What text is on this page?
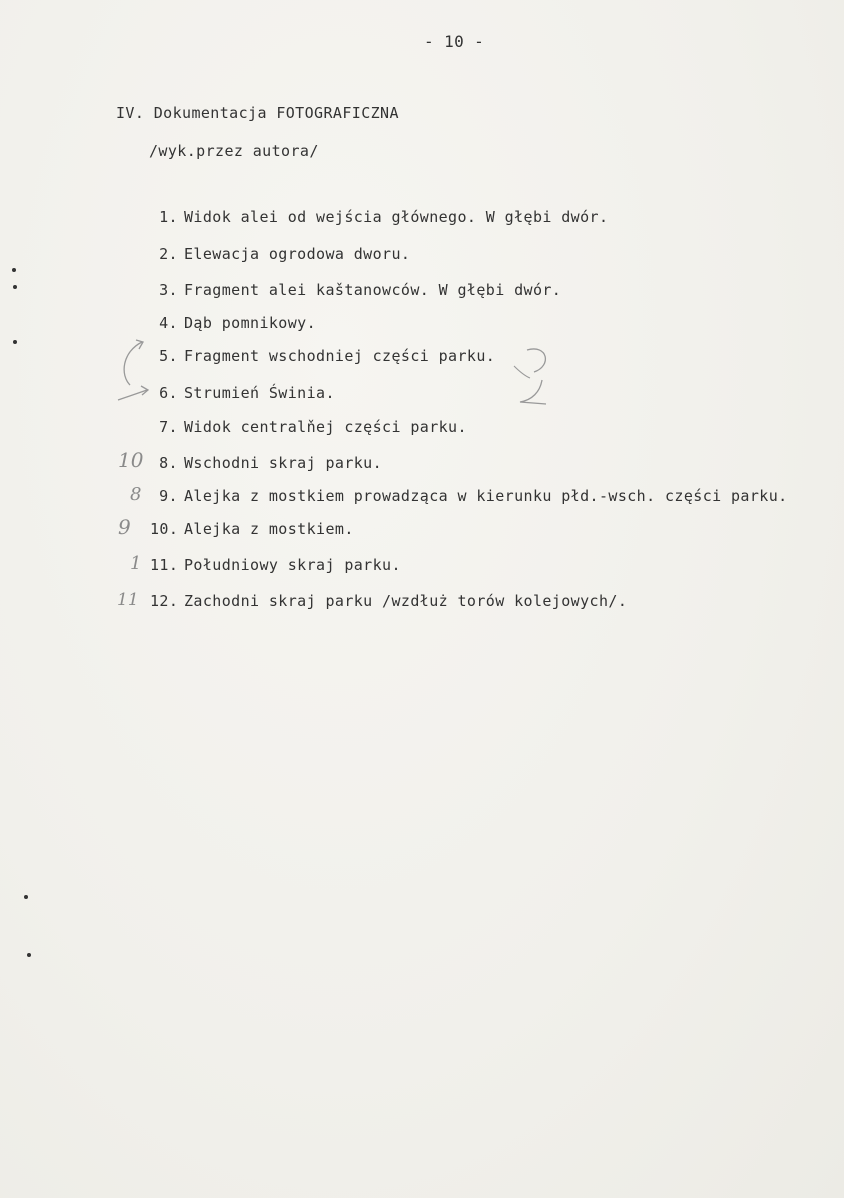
- 10 -
IV. Dokumentacja FOTOGRAFICZNA
/wyk.przez autora/
1. Widok alei od wejścia głównego. W głębi dwór.
2. Elewacja ogrodowa dworu.
3. Fragment alei kaštanowców. W głębi dwór.
4. Dąb pomnikowy.
5. Fragment wschodniej części parku.
6. Strumień Świnia.
7. Widok centralňej części parku.
8. Wschodni skraj parku.
9. Alejka z mostkiem prowadząca w kierunku płd.-wsch. części parku.
10. Alejka z mostkiem.
11. Południowy skraj parku.
12. Zachodni skraj parku /wzdłuż torów kolejowych/.
10
8
9
1
11
